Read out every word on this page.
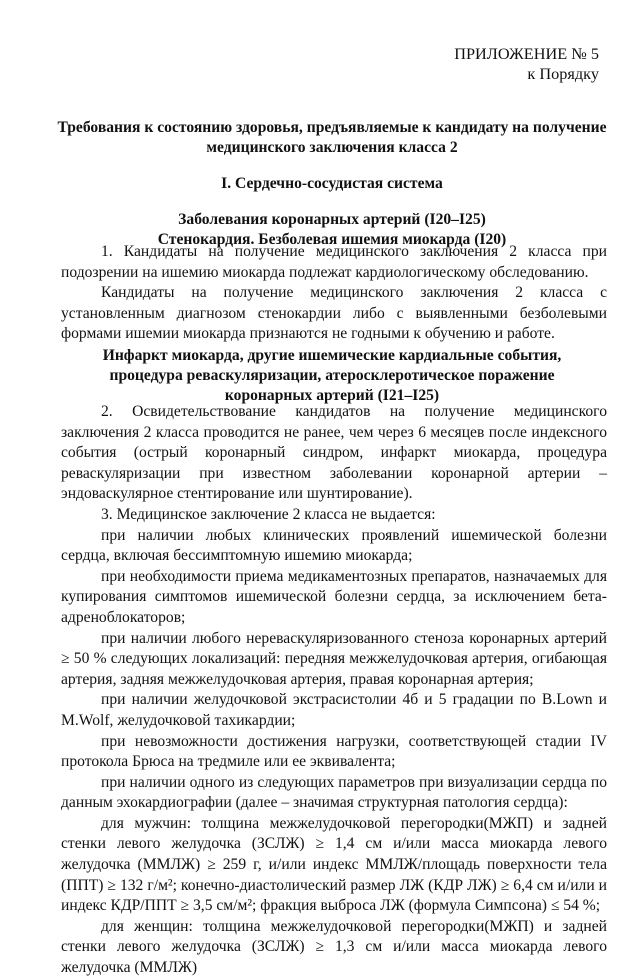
ПРИЛОЖЕНИЕ № 5
к Порядку
Требования к состоянию здоровья, предъявляемые к кандидату на получение медицинского заключения класса 2
I. Сердечно-сосудистая система
Заболевания коронарных артерий (I20–I25)
Стенокардия. Безболевая ишемия миокарда (I20)

1. Кандидаты на получение медицинского заключения 2 класса при подозрении на ишемию миокарда подлежат кардиологическому обследованию.

Кандидаты на получение медицинского заключения 2 класса с установленным диагнозом стенокардии либо с выявленными безболевыми формами ишемии миокарда признаются не годными к обучению и работе.

Инфаркт миокарда, другие ишемические кардиальные события, процедура реваскуляризации, атеросклеротическое поражение коронарных артерий (I21–I25)

2. Освидетельствование кандидатов на получение медицинского заключения 2 класса проводится не ранее, чем через 6 месяцев после индексного события (острый коронарный синдром, инфаркт миокарда, процедура реваскуляризации при известном заболевании коронарной артерии – эндоваскулярное стентирование или шунтирование).

3. Медицинское заключение 2 класса не выдается:

при наличии любых клинических проявлений ишемической болезни сердца, включая бессимптомную ишемию миокарда;

при необходимости приема медикаментозных препаратов, назначаемых для купирования симптомов ишемической болезни сердца, за исключением бета-адреноблокаторов;

при наличии любого нереваскуляризованного стеноза коронарных артерий ≥ 50 % следующих локализаций: передняя межжелудочковая артерия, огибающая артерия, задняя межжелудочковая артерия, правая коронарная артерия;

при наличии желудочковой экстрасистолии 4б и 5 градации по B.Lown и M.Wolf, желудочковой тахикардии;

при невозможности достижения нагрузки, соответствующей стадии IV протокола Брюса на тредмиле или ее эквивалента;

при наличии одного из следующих параметров при визуализации сердца по данным эхокардиографии (далее – значимая структурная патология сердца):

для мужчин: толщина межжелудочковой перегородки(МЖП) и задней стенки левого желудочка (ЗСЛЖ) ≥ 1,4 см и/или масса миокарда левого желудочка (ММЛЖ) ≥ 259 г, и/или индекс ММЛЖ/площадь поверхности тела (ППТ) ≥ 132 г/м²; конечно-диастолический размер ЛЖ (КДР ЛЖ) ≥ 6,4 см и/или и индекс КДР/ППТ ≥ 3,5 см/м²; фракция выброса ЛЖ (формула Симпсона) ≤ 54 %;

для женщин: толщина межжелудочковой перегородки(МЖП) и задней стенки левого желудочка (ЗСЛЖ) ≥ 1,3 см и/или масса миокарда левого желудочка (ММЛЖ)
